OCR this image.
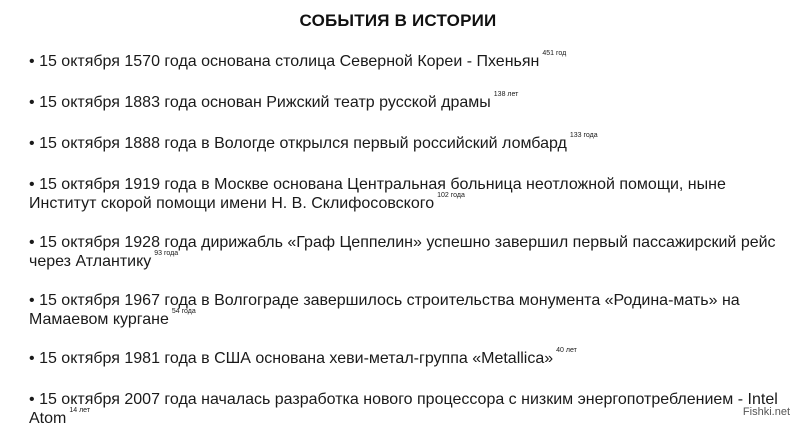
СОБЫТИЯ В ИСТОРИИ
• 15 октября 1570 года основана столица Северной Кореи - Пхеньян $^{451 год}$
• 15 октября 1883 года основан Рижский театр русской драмы $^{138 лет}$
• 15 октября 1888 года в Вологде открылся первый российский ломбард $^{133 года}$
• 15 октября 1919 года в Москве основана Центральная больница неотложной помощи, ныне Институт скорой помощи имени Н. В. Склифосовского $^{102 года}$
• 15 октября 1928 года дирижабль «Граф Цеппелин» успешно завершил первый пассажирский рейс через Атлантику $^{93 года}$
• 15 октября 1967 года в Волгограде завершилось строительства монумента «Родина-мать» на Мамаевом кургане $^{54 года}$
• 15 октября 1981 года в США основана хеви-метал-группа «Metallica» $^{40 лет}$
• 15 октября 2007 года началась разработка нового процессора с низким энергопотреблением - Intel Atom $^{14 лет}$	Fishki.net
